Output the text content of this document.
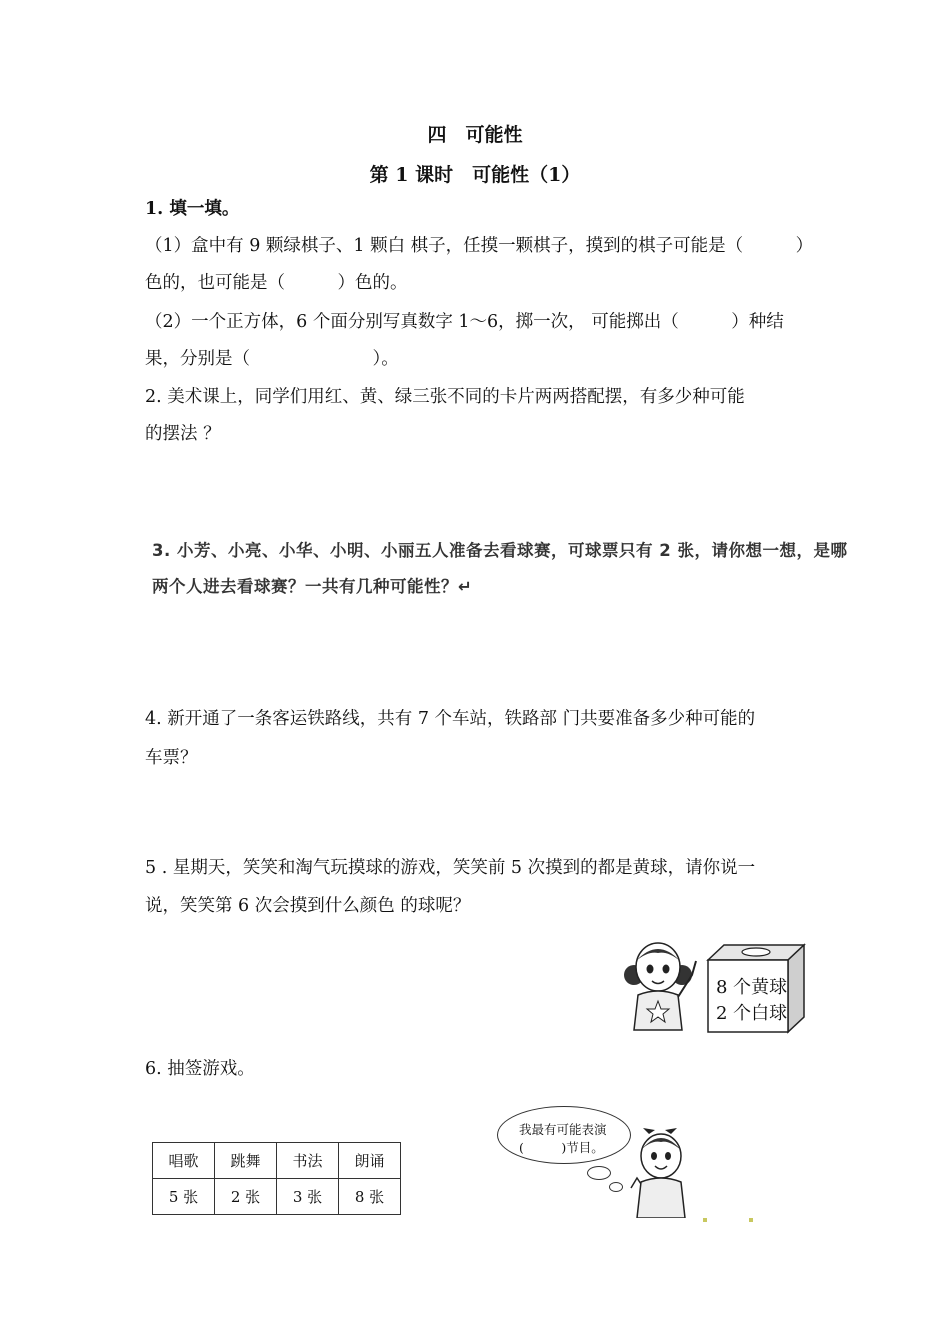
四　可能性
第 1 课时　可能性（1）
1. 填一填。
（1）盒中有 9 颗绿棋子、1 颗白 棋子，任摸一颗棋子，摸到的棋子可能是（　　　）
色的，也可能是（　　　）色的。
（2）一个正方体，6 个面分别写真数字 1～6，掷一次， 可能掷出（　　　）种结
果，分别是（　　　　　　　）。
2. 美术课上，同学们用红、黄、绿三张不同的卡片两两搭配摆，有多少种可能
的摆法 ？
3. 小芳、小亮、小华、小明、小丽五人准备去看球赛，可球票只有 2 张，请你想一想，是哪
两个人进去看球赛？一共有几种可能性？↵
4. 新开通了一条客运铁路线，共有 7 个车站，铁路部 门共要准备多少种可能的
车票？
5 . 星期天，笑笑和淘气玩摸球的游戏，笑笑前 5 次摸到的都是黄球，请你说一
说，笑笑第 6 次会摸到什么颜色 的球呢？
8 个黄球
2 个白球
6. 抽签游戏。
唱歌	跳舞	书法	朗诵
5 张	2 张	3 张	8 张
我最有可能表演
(　　　)节目。
